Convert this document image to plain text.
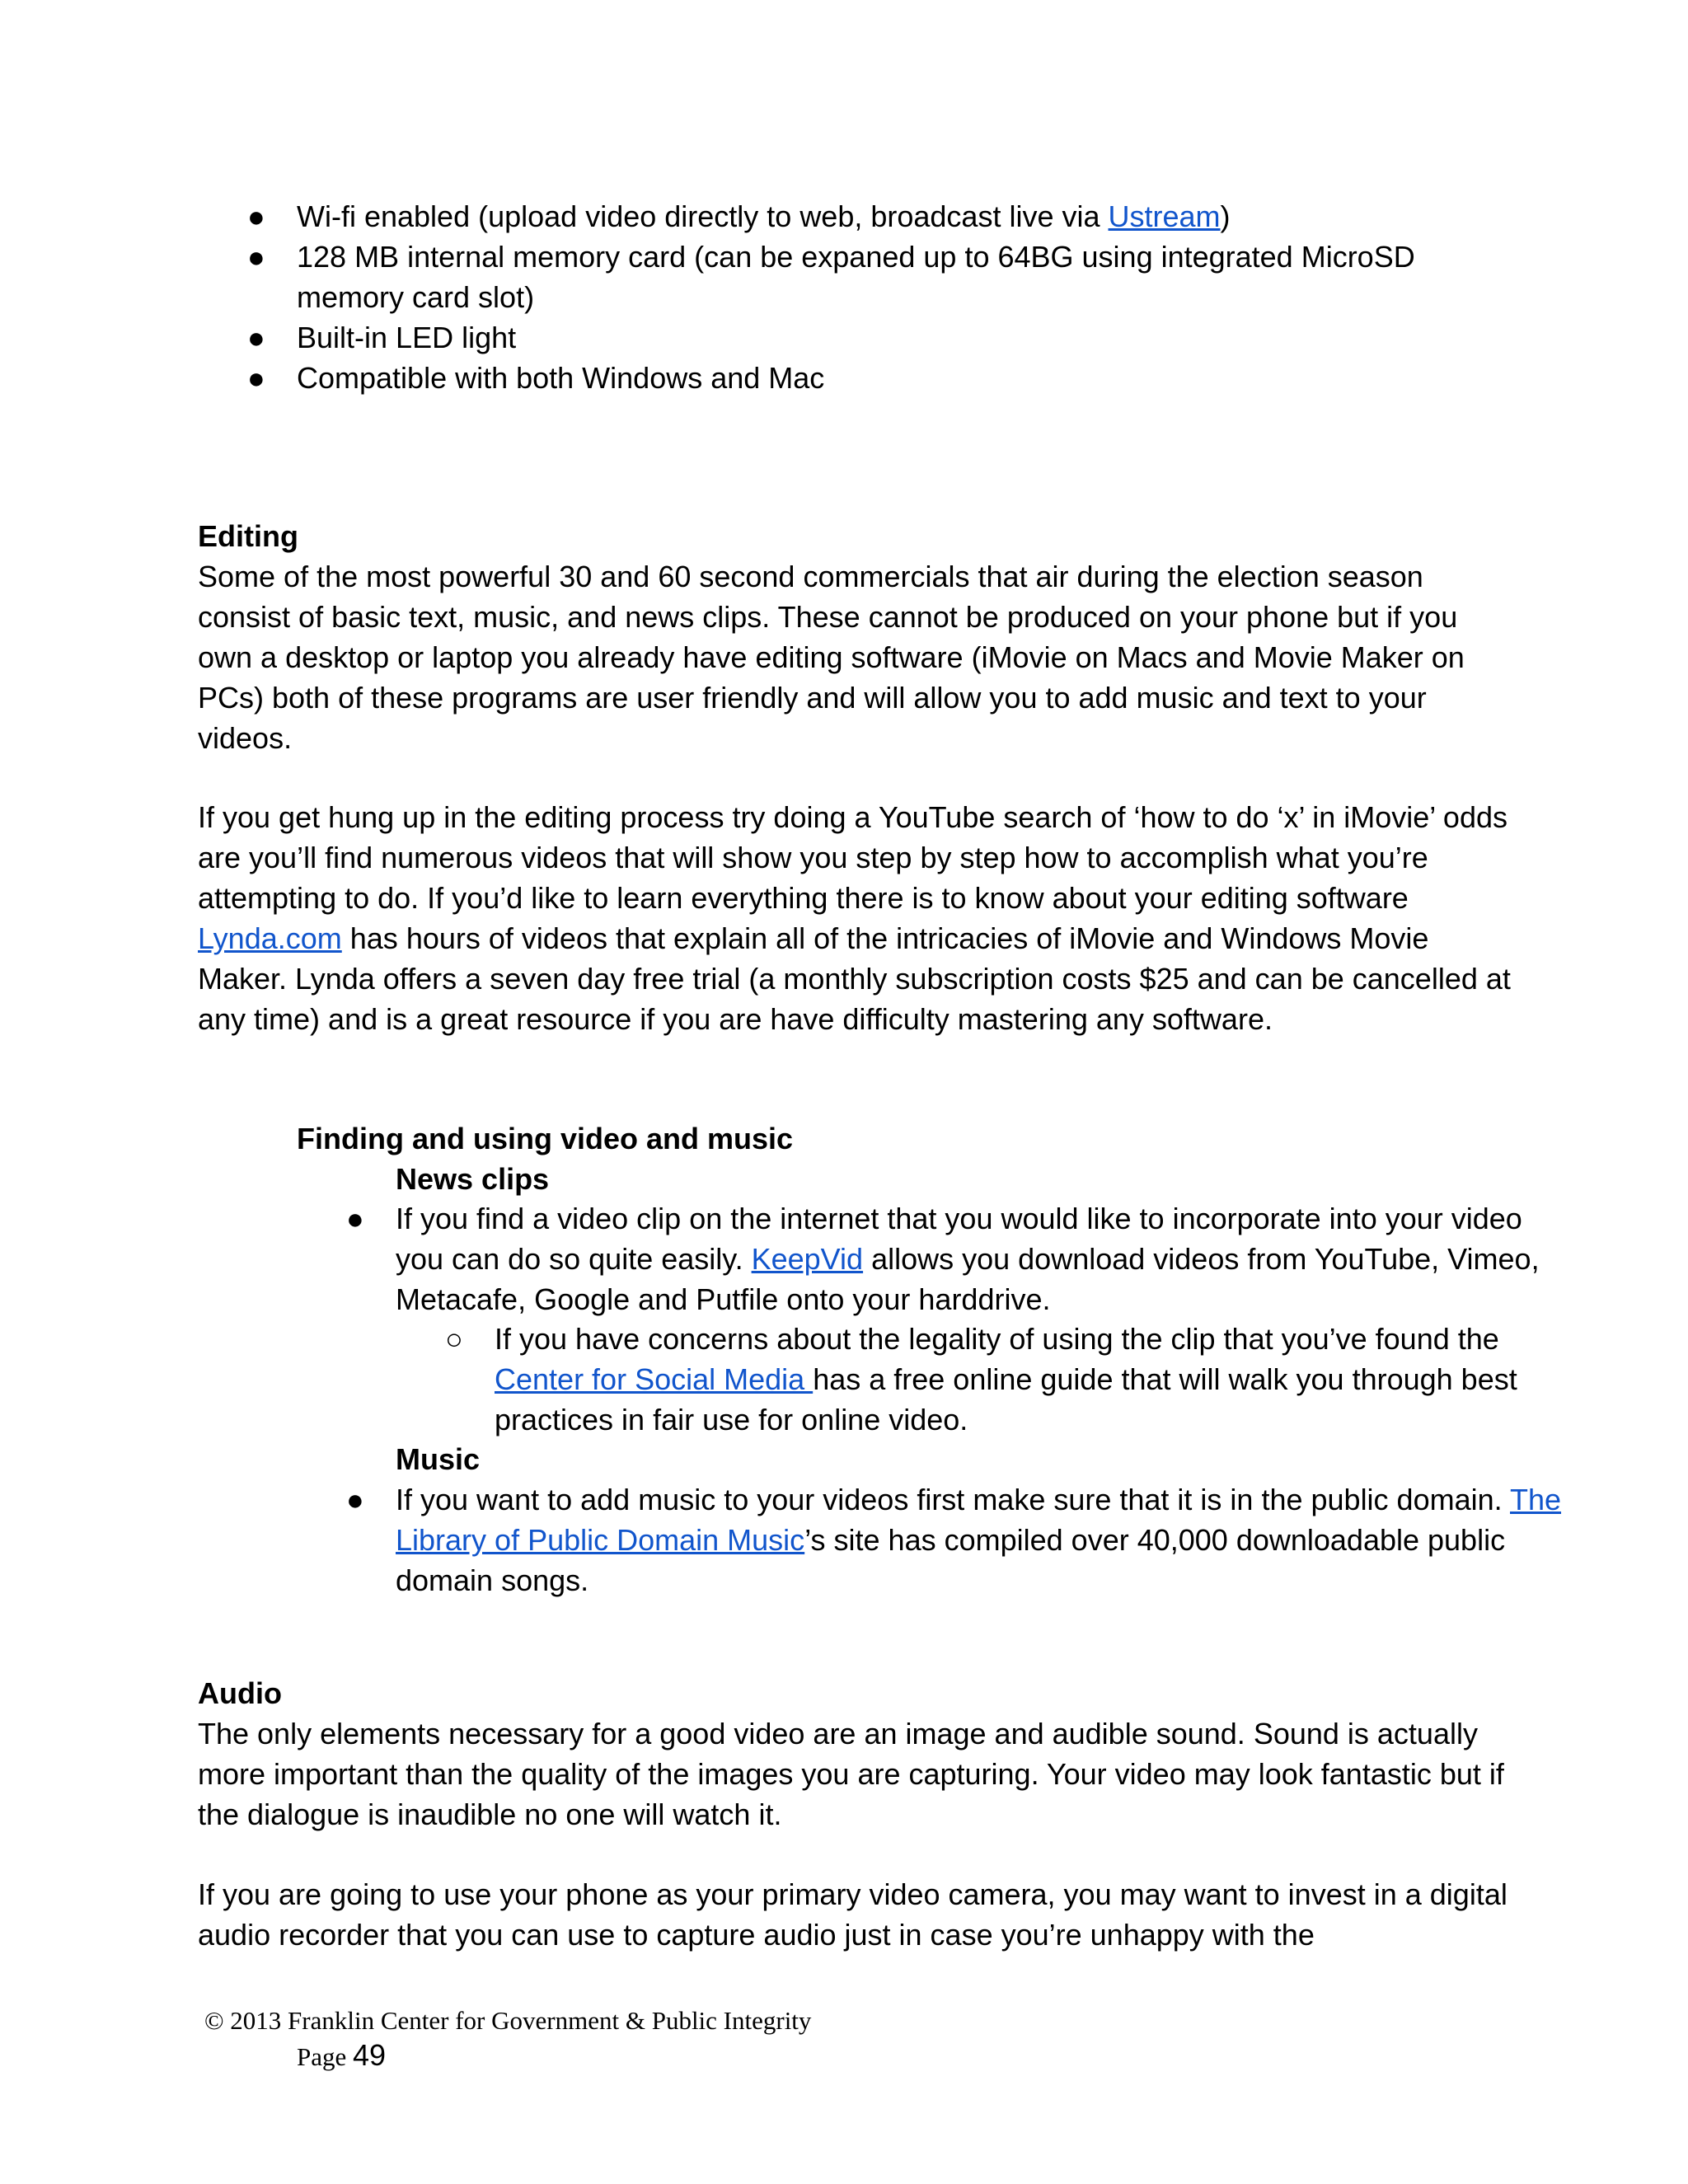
● Wi-fi enabled (upload video directly to web, broadcast live via Ustream)
● 128 MB internal memory card (can be expaned up to 64BG using integrated MicroSD memory card slot)
● Built-in LED light
● Compatible with both Windows and Mac

Editing

Some of the most powerful 30 and 60 second commercials that air during the election season consist of basic text, music, and news clips. These cannot be produced on your phone but if you own a desktop or laptop you already have editing software (iMovie on Macs and Movie Maker on PCs) both of these programs are user friendly and will allow you to add music and text to your videos.

If you get hung up in the editing process try doing a YouTube search of ‘how to do ‘x’ in iMovie’ odds are you’ll find numerous videos that will show you step by step how to accomplish what you’re attempting to do. If you’d like to learn everything there is to know about your editing software Lynda.com has hours of videos that explain all of the intricacies of iMovie and Windows Movie Maker. Lynda offers a seven day free trial (a monthly subscription costs $25 and can be cancelled at any time) and is a great resource if you are have difficulty mastering any software.

Finding and using video and music

News clips

● If you find a video clip on the internet that you would like to incorporate into your video you can do so quite easily. KeepVid allows you download videos from YouTube, Vimeo, Metacafe, Google and Putfile onto your harddrive.

○ If you have concerns about the legality of using the clip that you’ve found the Center for Social Media has a free online guide that will walk you through best practices in fair use for online video.

Music

● If you want to add music to your videos first make sure that it is in the public domain. The Library of Public Domain Music’s site has compiled over 40,000 downloadable public domain songs.

Audio

The only elements necessary for a good video are an image and audible sound. Sound is actually more important than the quality of the images you are capturing. Your video may look fantastic but if the dialogue is inaudible no one will watch it.

If you are going to use your phone as your primary video camera, you may want to invest in a digital audio recorder that you can use to capture audio just in case you’re unhappy with the

© 2013 Franklin Center for Government & Public Integrity
Page 49
